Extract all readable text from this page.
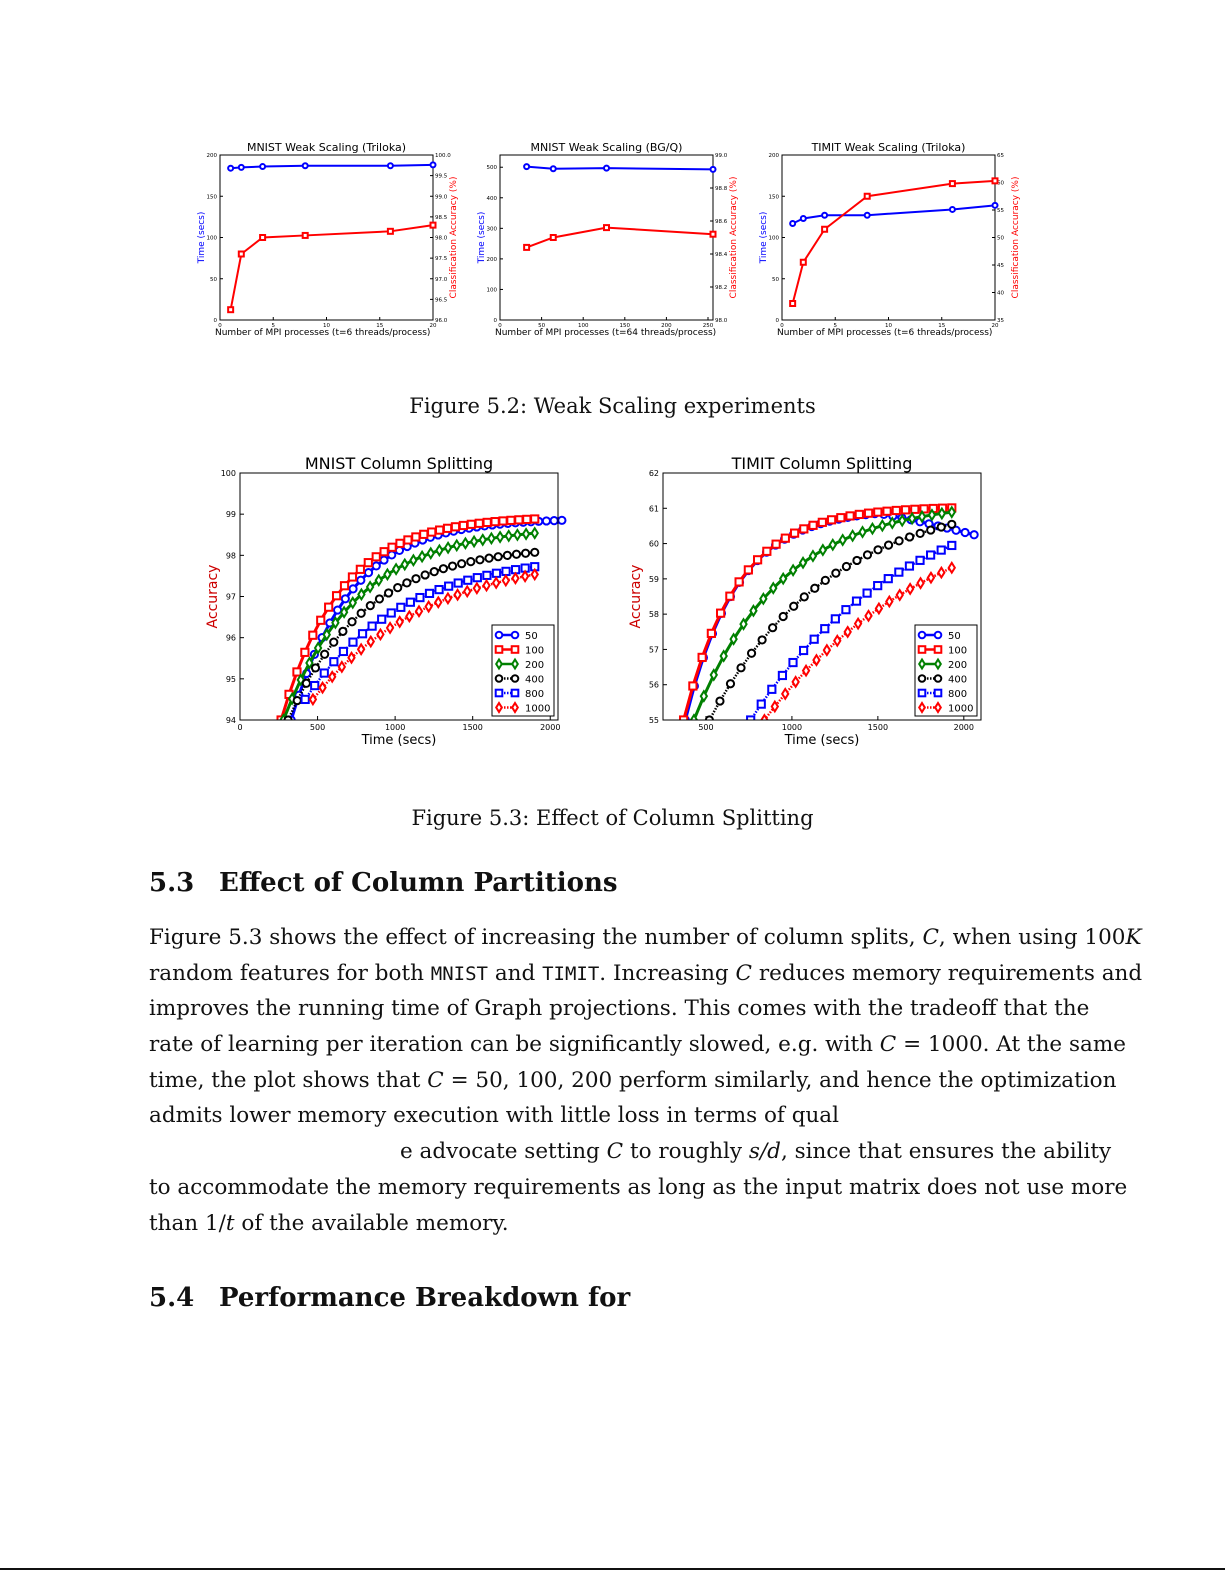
MNIST Weak Scaling (Triloka)
0	5	10	15	20
0
50
100
150
200
96.0
96.5
97.0
97.5
98.0
98.5
99.0
99.5
100.0
Number of MPI processes (t=6 threads/process)
Time (secs)	Classification Accuracy (%)
MNIST Weak Scaling (BG/Q)
0	50	100	150	200	250
0
100
200
300
400
500
98.0
98.2
98.4
98.6
98.8
99.0
Number of MPI processes (t=64 threads/process)
Time (secs)	Classification Accuracy (%)
TIMIT Weak Scaling (Triloka)
0	5	10	15	20
0
50
100
150
200
35
40
45
50
55
60
65
Number of MPI processes (t=6 threads/process)
Time (secs)	Classification Accuracy (%)
Figure 5.2: Weak Scaling experiments
MNIST Column Splitting
0	500	1000	1500	2000
94
95
96
97
98
99
100
Time (secs)
Accuracy
50
100
200
400
800
1000
TIMIT Column Splitting
500	1000	1500	2000
55
56
57
58
59
60
61
62
Time (secs)
Accuracy
50
100
200
400
800
1000
Figure 5.3: Effect of Column Splitting
5.3 Effect of Column Partitions
Figure 5.3 shows the effect of increasing the number of column splits, C, when using 100K
random features for both MNIST and TIMIT. Increasing C reduces memory requirements and
improves the running time of Graph projections. This comes with the tradeoff that the
rate of learning per iteration can be significantly slowed, e.g. with C = 1000. At the same
time, the plot shows that C = 50, 100, 200 perform similarly, and hence the optimization
admits lower memory execution with little loss in terms of qual
e advocate setting C to roughly s/d, since that ensures the ability
to accommodate the memory requirements as long as the input matrix does not use more
than 1/t of the available memory.
5.4 Performance Breakdown for
